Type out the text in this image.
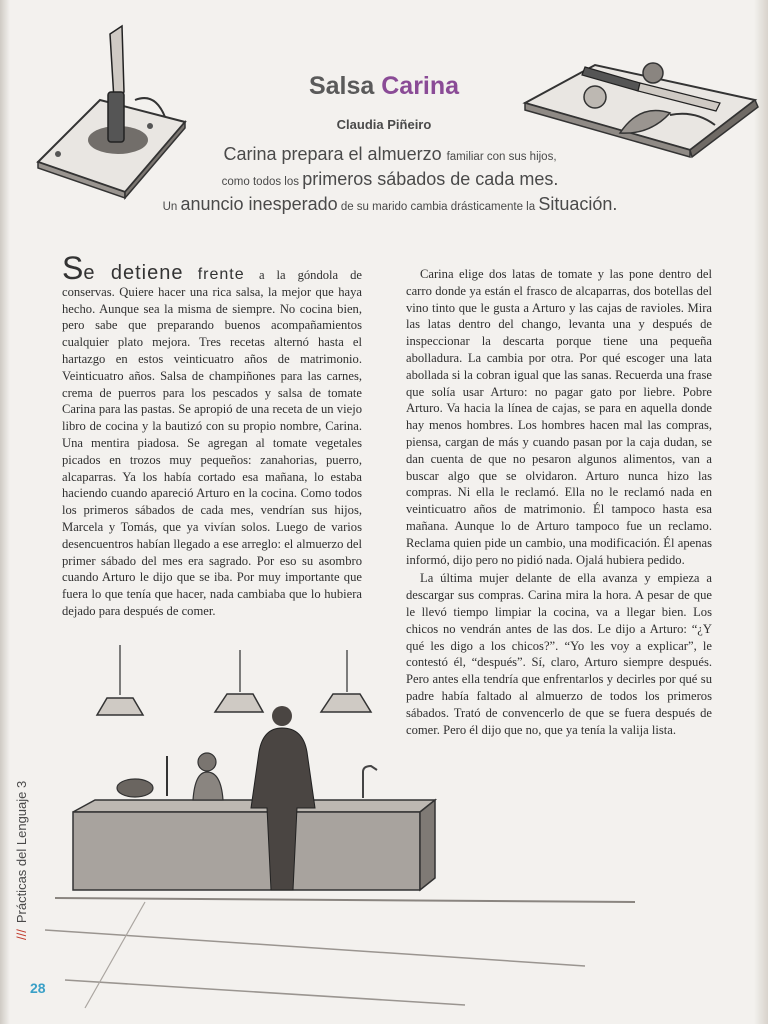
Salsa Carina
Claudia Piñeiro
Carina prepara el almuerzo familiar con sus hijos,
como todos los primeros sábados de cada mes.
Un anuncio inesperado de su marido cambia drásticamente la Situación.

Se detiene frente a la góndola de conservas. Quiere hacer una rica salsa, la mejor que haya hecho. Aunque sea la misma de siempre. No cocina bien, pero sabe que preparando buenos acompañamientos cualquier plato mejora. Tres recetas alternó hasta el hartazgo en estos veinticuatro años de matrimonio. Veinticuatro años. Salsa de champiñones para las carnes, crema de puerros para los pescados y salsa de tomate Carina para las pastas. Se apropió de una receta de un viejo libro de cocina y la bautizó con su propio nombre, Carina. Una mentira piadosa. Se agregan al tomate vegetales picados en trozos muy pequeños: zanahorias, puerro, alcaparras. Ya los había cortado esa mañana, lo estaba haciendo cuando apareció Arturo en la cocina. Como todos los primeros sábados de cada mes, vendrían sus hijos, Marcela y Tomás, que ya vivían solos. Luego de varios desencuentros habían llegado a ese arreglo: el almuerzo del primer sábado del mes era sagrado. Por eso su asombro cuando Arturo le dijo que se iba. Por muy importante que fuera lo que tenía que hacer, nada cambiaba que lo hubiera dejado para después de comer.

Carina elige dos latas de tomate y las pone dentro del carro donde ya están el frasco de alcaparras, dos botellas del vino tinto que le gusta a Arturo y las cajas de ravioles. Mira las latas dentro del chango, levanta una y después de inspeccionar la descarta porque tiene una pequeña abolladura. La cambia por otra. Por qué escoger una lata abollada si la cobran igual que las sanas. Recuerda una frase que solía usar Arturo: no pagar gato por liebre. Pobre Arturo. Va hacia la línea de cajas, se para en aquella donde hay menos hombres. Los hombres hacen mal las compras, piensa, cargan de más y cuando pasan por la caja dudan, se dan cuenta de que no pesaron algunos alimentos, van a buscar algo que se olvidaron. Arturo nunca hizo las compras. Ni ella le reclamó. Ella no le reclamó nada en veinticuatro años de matrimonio. Él tampoco hasta esa mañana. Aunque lo de Arturo tampoco fue un reclamo. Reclama quien pide un cambio, una modificación. Él apenas informó, dijo pero no pidió nada. Ojalá hubiera pedido.

La última mujer delante de ella avanza y empieza a descargar sus compras. Carina mira la hora. A pesar de que le llevó tiempo limpiar la cocina, va a llegar bien. Los chicos no vendrán antes de las dos. Le dijo a Arturo: “¿Y qué les digo a los chicos?”. “Yo les voy a explicar”, le contestó él, “después”. Sí, claro, Arturo siempre después. Pero antes ella tendría que enfrentarlos y decirles por qué su padre había faltado al almuerzo de todos los primeros sábados. Trató de convencerlo de que se fuera después de comer. Pero él dijo que no, que ya tenía la valija lista.

///Prácticas del Lenguaje 3
28
